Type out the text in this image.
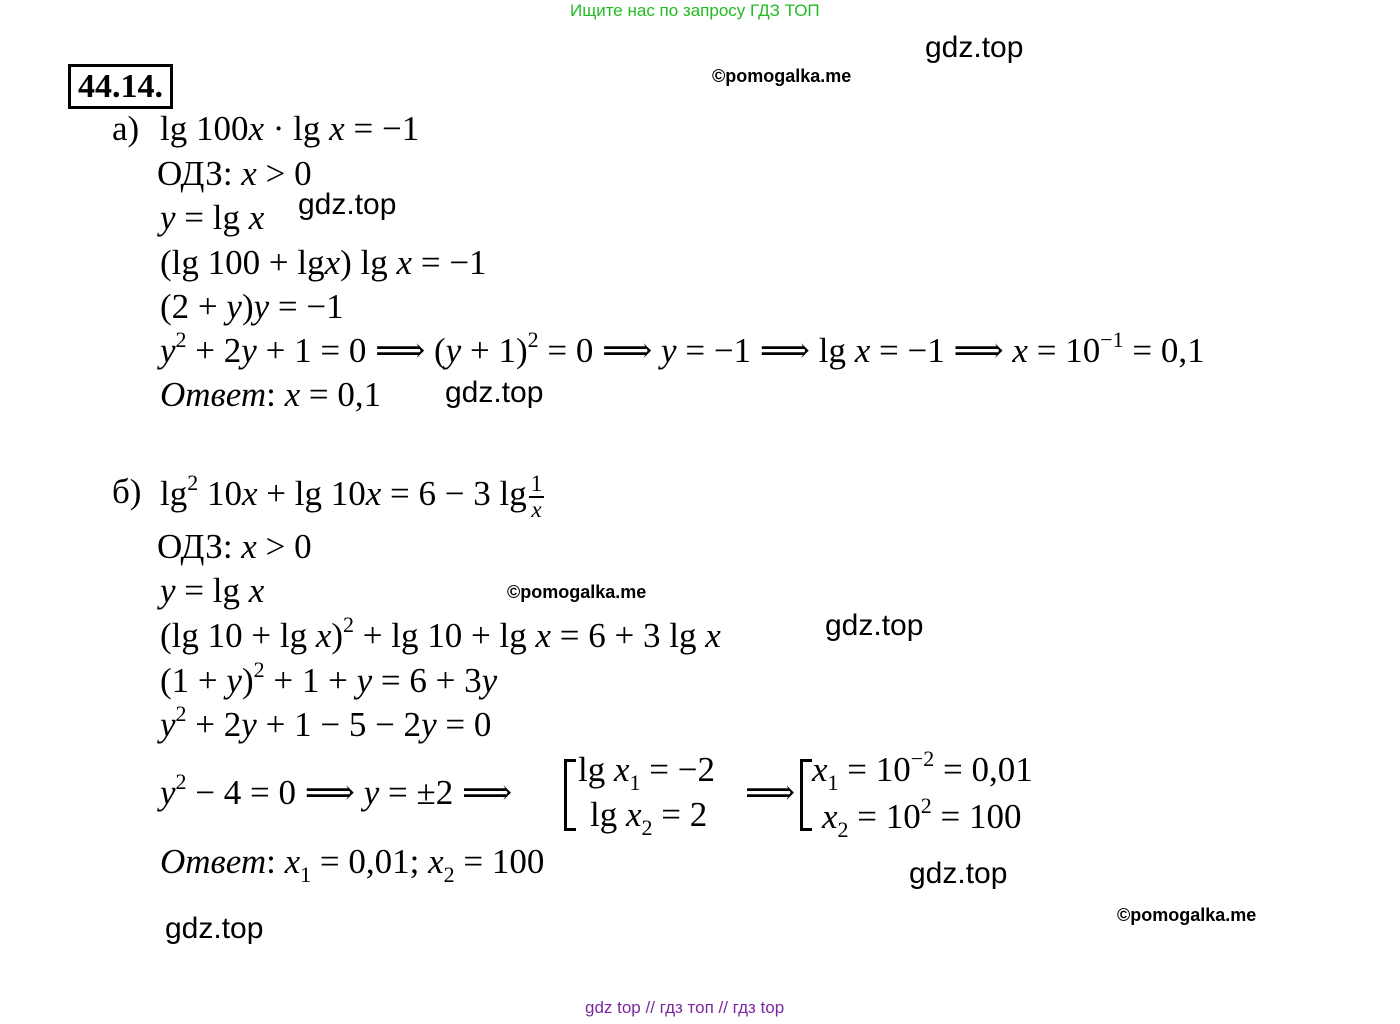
Ищите нас по запросу ГДЗ ТОП
gdz.top
gdz.top
gdz.top
gdz.top
gdz.top
gdz.top
©pomogalka.me
©pomogalka.me
©pomogalka.me
44.14.
а) lg 100x · lg x = −1
ОДЗ: x > 0
y = lg x
(lg 100 + lgx) lg x = −1
(2 + y)y = −1
$y^2 + 2y + 1 = 0$ ⟹ $(y + 1)^2 = 0$ ⟹ y = −1 ⟹ lg x = −1 ⟹ $x = 10^{-1} = 0,1$
Ответ: x = 0,1
б) $\lg^2 10x + \lg 10x = 6 - 3$ $\lg \frac{1}{x}$
ОДЗ: x > 0
y = lg x
(lg 10 + lg x)$^2$ + lg 10 + lg x = 6 + 3 lg x
$(1 + y)^2 + 1 + y = 6 + 3y$
$y^2 + 2y + 1 - 5 - 2y = 0$
$y^2 - 4 = 0$ ⟹ y = ±2 ⟹
$\lg x_1 = -2$
$\lg x_2 = 2$
⟹
$x_1 = 10^{-2} = 0,01$
$x_2 = 10^2 = 100$
Ответ: $x_1 = 0,01$; $x_2 = 100$
gdz top // гдз топ // гдз top
